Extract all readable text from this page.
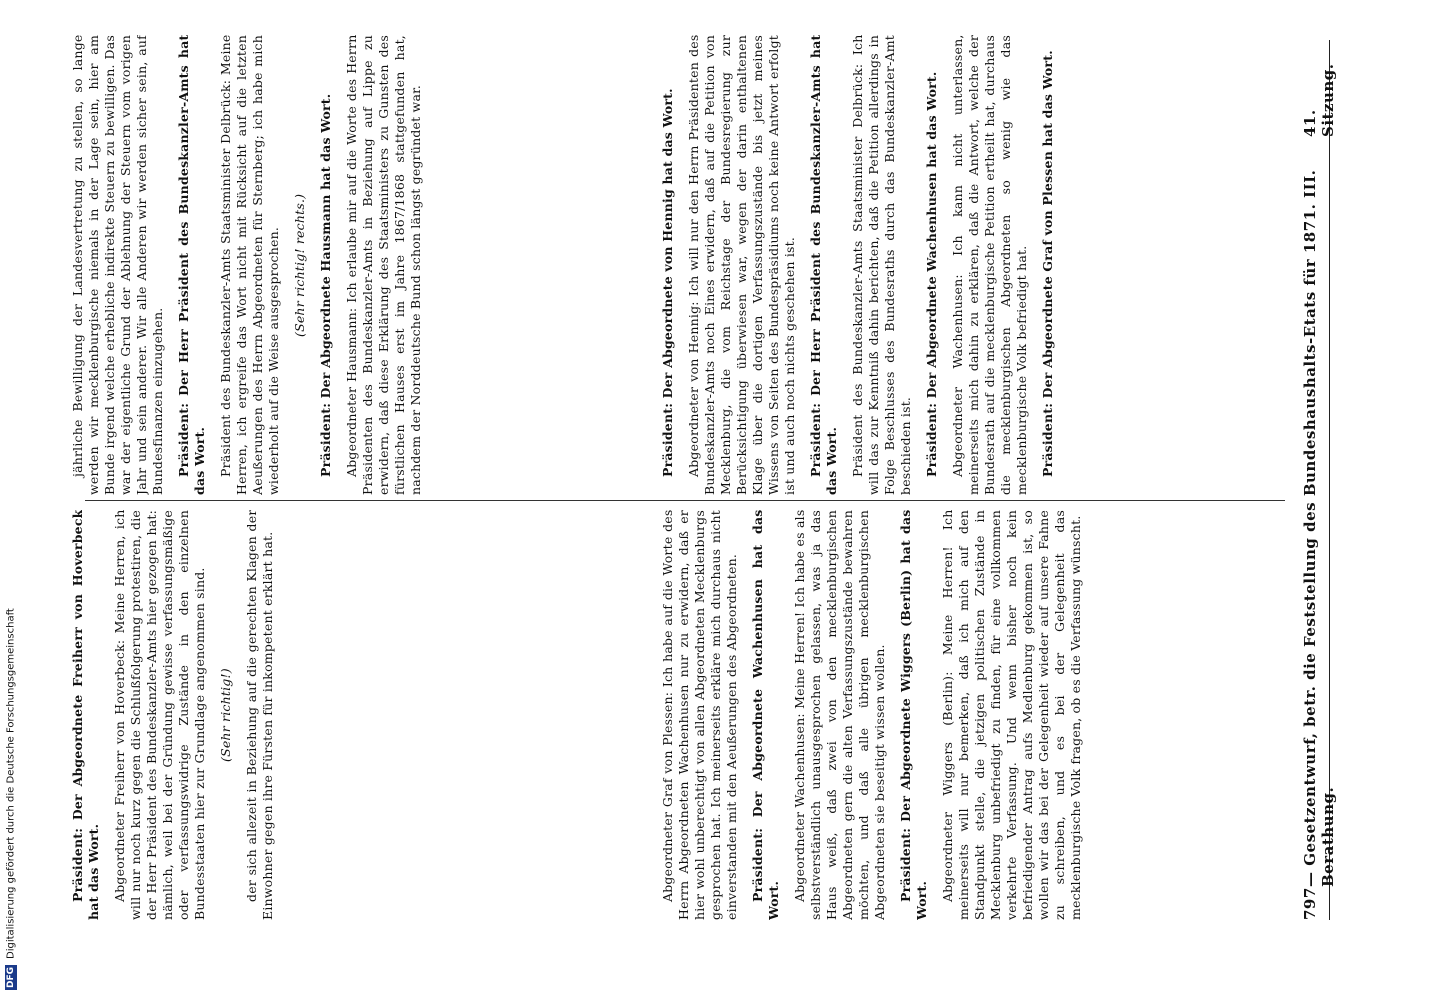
DFG
Digitalisierung gefördert durch die Deutsche Forschungsgemeinschaft	797
— Gesetzentwurf, betr. die Feststellung des Bundeshaushalts-Etats für 1871. III. Berathung.
41. Sitzung.

jährliche Bewilligung der Landesvertretung zu stellen, so lange werden wir mecklenburgische niemals in der Lage sein, hier am Bunde irgend welche erhebliche indirekte Steuern zu bewilligen. Das war der eigentliche Grund der Ablehnung der Steuern vom vorigen Jahr und sein anderer. Wir alle Anderen wir werden sicher sein, auf Bundesfinanzen einzugehen. Präsident: Der Herr Präsident des Bundeskanzler-Amts hat das Wort. Präsident des Bundeskanzler-Amts Staatsminister Delbrück: Meine Herren, ich ergreife das Wort nicht mit Rücksicht auf die letzten Aeußerungen des Herrn Abgeordneten für Sternberg; ich habe mich wiederholt auf die Weise ausgesprochen. (Sehr richtig! rechts.) Präsident: Der Abgeordnete Hausmann hat das Wort. Abgeordneter Hausmann: Ich erlaube mir auf die Worte des Herrn Präsidenten des Bundeskanzler-Amts in Beziehung auf Lippe zu erwidern, daß diese Erklärung des Staatsministers zu Gunsten des fürstlichen Hauses erst im Jahre 1867/1868 stattgefunden hat, nachdem der Norddeutsche Bund schon längst gegründet war.

Präsident: Der Abgeordnete Freiherr von Hoverbeck hat das Wort. Abgeordneter Freiherr von Hoverbeck: Meine Herren, ich will nur noch kurz gegen die Schlußfolgerung protestiren, die der Herr Präsident des Bundeskanzler-Amts hier gezogen hat: nämlich, weil bei der Gründung gewisse verfassungsmäßige oder verfassungswidrige Zustände in den einzelnen Bundesstaaten hier zur Grundlage angenommen sind. (Sehr richtig!) der sich allezeit in Beziehung auf die gerechten Klagen der Einwohner gegen ihre Fürsten für inkompetent erklärt hat.

Präsident: Der Abgeordnete von Hennig hat das Wort. Abgeordneter von Hennig: Ich will nur den Herrn Präsidenten des Bundeskanzler-Amts noch Eines erwidern, daß auf die Petition von Mecklenburg, die vom Reichstage der Bundesregierung zur Berücksichtigung überwiesen war, wegen der darin enthaltenen Klage über die dortigen Verfassungszustände bis jetzt meines Wissens von Seiten des Bundespräsidiums noch keine Antwort erfolgt ist und auch noch nichts geschehen ist. Präsident: Der Herr Präsident des Bundeskanzler-Amts hat das Wort. Präsident des Bundeskanzler-Amts Staatsminister Delbrück: Ich will das zur Kenntniß dahin berichten, daß die Petition allerdings in Folge Beschlusses des Bundesraths durch das Bundeskanzler-Amt beschieden ist. Präsident: Der Abgeordnete Wachenhusen hat das Wort. Abgeordneter Wachenhusen: Ich kann nicht unterlassen, meinerseits mich dahin zu erklären, daß die Antwort, welche der Bundesrath auf die mecklenburgische Petition ertheilt hat, durchaus die mecklenburgischen Abgeordneten so wenig wie das mecklenburgische Volk befriedigt hat. Präsident: Der Abgeordnete Graf von Plessen hat das Wort.

Abgeordneter Graf von Plessen: Ich habe auf die Worte des Herrn Abgeordneten Wachenhusen nur zu erwidern, daß er hier wohl unberechtigt von allen Abgeordneten Mecklenburgs gesprochen hat. Ich meinerseits erkläre mich durchaus nicht einverstanden mit den Aeußerungen des Abgeordneten. Präsident: Der Abgeordnete Wachenhusen hat das Wort. Abgeordneter Wachenhusen: Meine Herren! Ich habe es als selbstverständlich unausgesprochen gelassen, was ja das Haus weiß, daß zwei von den mecklenburgischen Abgeordneten gern die alten Verfassungszustände bewahren möchten, und daß alle übrigen mecklenburgischen Abgeordneten sie beseitigt wissen wollen. Präsident: Der Abgeordnete Wiggers (Berlin) hat das Wort. Abgeordneter Wiggers (Berlin): Meine Herren! Ich meinerseits will nur bemerken, daß ich mich auf den Standpunkt stelle, die jetzigen politischen Zustände in Mecklenburg unbefriedigt zu finden, für eine vollkommen verkehrte Verfassung. Und wenn bisher noch kein befriedigender Antrag aufs Medlenburg gekommen ist, so wollen wir das bei der Gelegenheit wieder auf unsere Fahne zu schreiben, und es bei der Gelegenheit das mecklenburgische Volk fragen, ob es die Verfassung wünscht.
